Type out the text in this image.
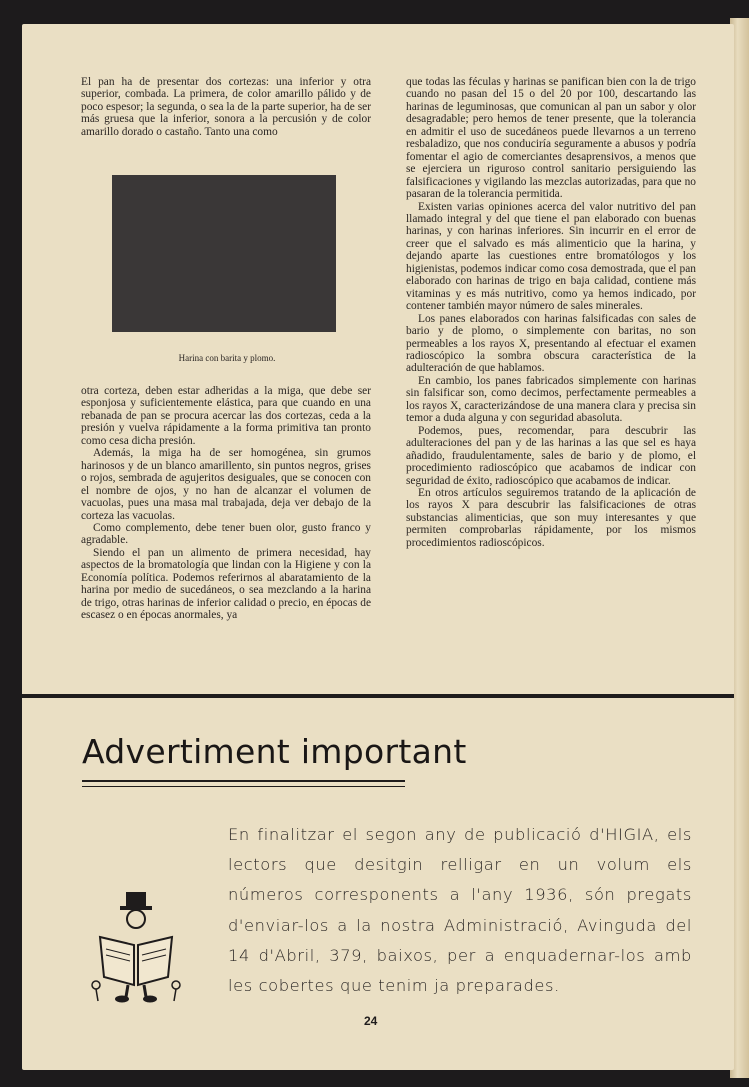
El pan ha de presentar dos cortezas: una inferior y otra superior, combada. La primera, de color amarillo pálido y de poco espesor; la segunda, o sea la de la parte superior, ha de ser más gruesa que la inferior, sonora a la percusión y de color amarillo dorado o castaño. Tanto una como

Harina con barita y plomo.

otra corteza, deben estar adheridas a la miga, que debe ser esponjosa y suficientemente elástica, para que cuando en una rebanada de pan se procura acercar las dos cortezas, ceda a la presión y vuelva rápidamente a la forma primitiva tan pronto como cesa dicha presión.

Además, la miga ha de ser homogénea, sin grumos harinosos y de un blanco amarillento, sin puntos negros, grises o rojos, sembrada de agujeritos desiguales, que se conocen con el nombre de ojos, y no han de alcanzar el volumen de vacuolas, pues una masa mal trabajada, deja ver debajo de la corteza las vacuolas.

Como complemento, debe tener buen olor, gusto franco y agradable.

Siendo el pan un alimento de primera necesidad, hay aspectos de la bromatología que lindan con la Higiene y con la Economía política. Podemos referirnos al abaratamiento de la harina por medio de sucedáneos, o sea mezclando a la harina de trigo, otras harinas de inferior calidad o precio, en épocas de escasez o en épocas anormales, ya

que todas las féculas y harinas se panifican bien con la de trigo cuando no pasan del 15 o del 20 por 100, descartando las harinas de leguminosas, que comunican al pan un sabor y olor desagradable; pero hemos de tener presente, que la tolerancia en admitir el uso de sucedáneos puede llevarnos a un terreno resbaladizo, que nos conduciría seguramente a abusos y podría fomentar el agio de comerciantes desaprensivos, a menos que se ejerciera un riguroso control sanitario persiguiendo las falsificaciones y vigilando las mezclas autorizadas, para que no pasaran de la tolerancia permitida.

Existen varias opiniones acerca del valor nutritivo del pan llamado integral y del que tiene el pan elaborado con buenas harinas, y con harinas inferiores. Sin incurrir en el error de creer que el salvado es más alimenticio que la harina, y dejando aparte las cuestiones entre bromatólogos y los higienistas, podemos indicar como cosa demostrada, que el pan elaborado con harinas de trigo en baja calidad, contiene más vitaminas y es más nutritivo, como ya hemos indicado, por contener también mayor número de sales minerales.

Los panes elaborados con harinas falsificadas con sales de bario y de plomo, o simplemente con baritas, no son permeables a los rayos X, presentando al efectuar el examen radioscópico la sombra obscura característica de la adulteración de que hablamos.

En cambio, los panes fabricados simplemente con harinas sin falsificar son, como decimos, perfectamente permeables a los rayos X, caracterizándose de una manera clara y precisa sin temor a duda alguna y con seguridad abasoluta.

Podemos, pues, recomendar, para descubrir las adulteraciones del pan y de las harinas a las que sel es haya añadido, fraudulentamente, sales de bario y de plomo, el procedimiento radioscópico que acabamos de indicar con seguridad de éxito, radioscópico que acabamos de indicar.

En otros artículos seguiremos tratando de la aplicación de los rayos X para descubrir las falsificaciones de otras substancias alimenticias, que son muy interesantes y que permiten comprobarlas rápidamente, por los mismos procedimientos radioscópicos.

Advertiment important
En finalitzar el segon any de publicació d'HIGIA, els lectors que desitgin relligar en un volum els números corresponents a l'any 1936, són pregats d'enviar-los a la nostra Administració, Avinguda del 14 d'Abril, 379, baixos, per a enquadernar-los amb les cobertes que tenim ja preparades.
24
